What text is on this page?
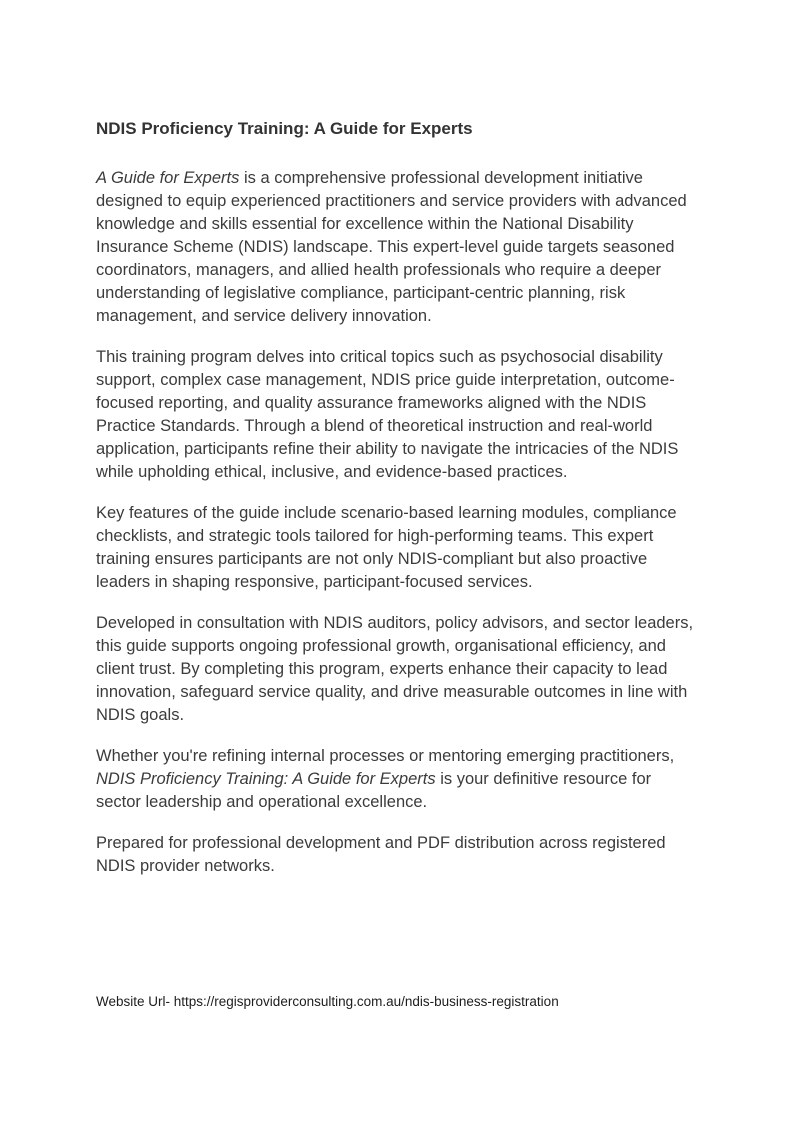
NDIS Proficiency Training: A Guide for Experts

A Guide for Experts is a comprehensive professional development initiative designed to equip experienced practitioners and service providers with advanced knowledge and skills essential for excellence within the National Disability Insurance Scheme (NDIS) landscape. This expert-level guide targets seasoned coordinators, managers, and allied health professionals who require a deeper understanding of legislative compliance, participant-centric planning, risk management, and service delivery innovation.

This training program delves into critical topics such as psychosocial disability support, complex case management, NDIS price guide interpretation, outcome-focused reporting, and quality assurance frameworks aligned with the NDIS Practice Standards. Through a blend of theoretical instruction and real-world application, participants refine their ability to navigate the intricacies of the NDIS while upholding ethical, inclusive, and evidence-based practices.

Key features of the guide include scenario-based learning modules, compliance checklists, and strategic tools tailored for high-performing teams. This expert training ensures participants are not only NDIS-compliant but also proactive leaders in shaping responsive, participant-focused services.

Developed in consultation with NDIS auditors, policy advisors, and sector leaders, this guide supports ongoing professional growth, organisational efficiency, and client trust. By completing this program, experts enhance their capacity to lead innovation, safeguard service quality, and drive measurable outcomes in line with NDIS goals.

Whether you're refining internal processes or mentoring emerging practitioners, NDIS Proficiency Training: A Guide for Experts is your definitive resource for sector leadership and operational excellence.

Prepared for professional development and PDF distribution across registered NDIS provider networks.

Website Url- https://regisproviderconsulting.com.au/ndis-business-registration
